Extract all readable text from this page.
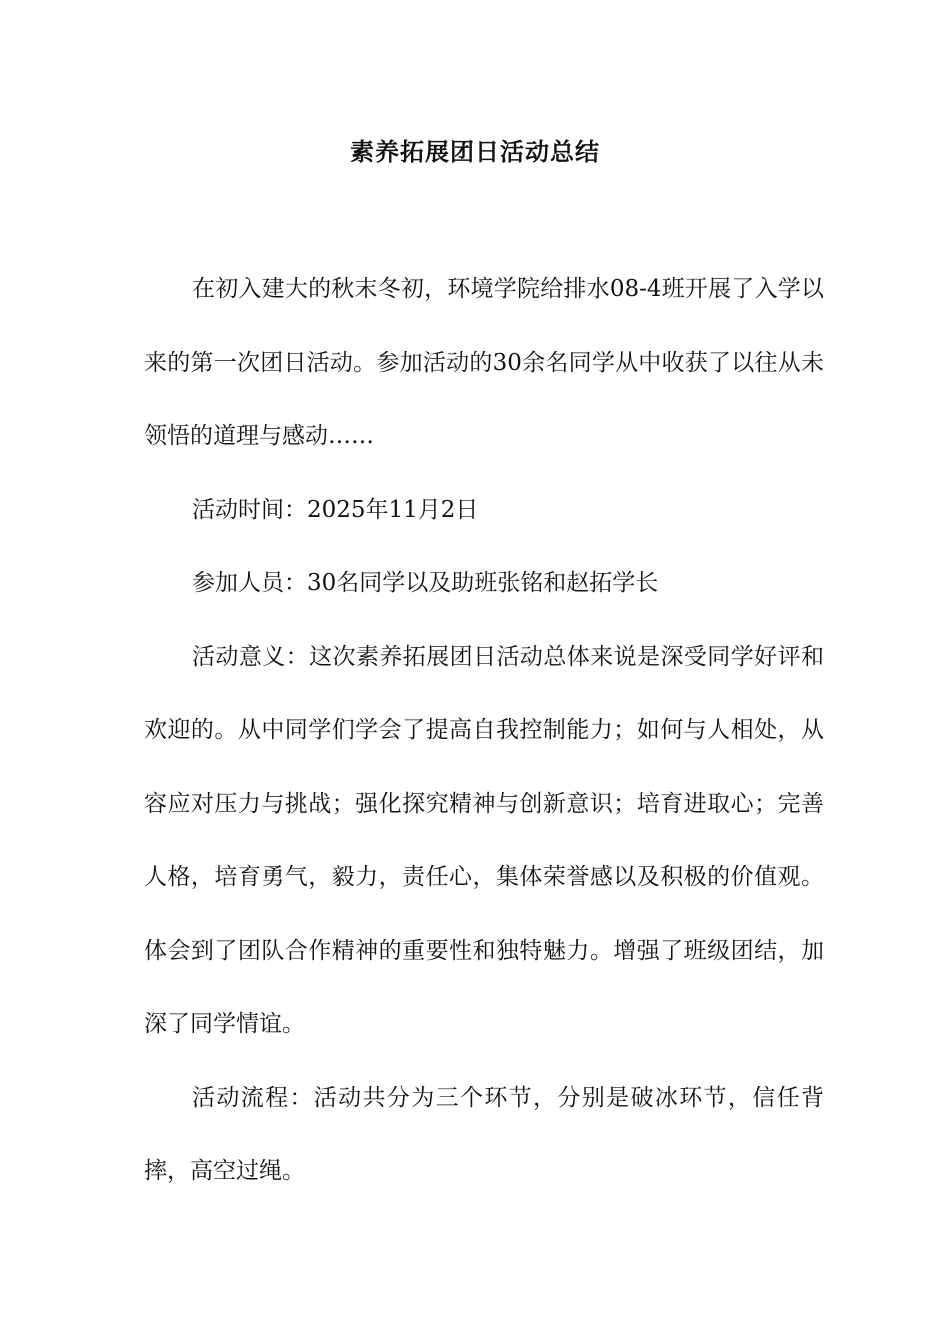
素养拓展团日活动总结

在初入建大的秋末冬初，环境学院给排水08-4班开展了入学以来的第一次团日活动。参加活动的30余名同学从中收获了以往从未领悟的道理与感动……

活动时间：2025年11月2日

参加人员：30名同学以及助班张铭和赵拓学长

活动意义：这次素养拓展团日活动总体来说是深受同学好评和欢迎的。从中同学们学会了提高自我控制能力；如何与人相处，从容应对压力与挑战；强化探究精神与创新意识；培育进取心；完善人格，培育勇气，毅力，责任心，集体荣誉感以及积极的价值观。体会到了团队合作精神的重要性和独特魅力。增强了班级团结，加深了同学情谊。

活动流程：活动共分为三个环节，分别是破冰环节，信任背摔，高空过绳。
